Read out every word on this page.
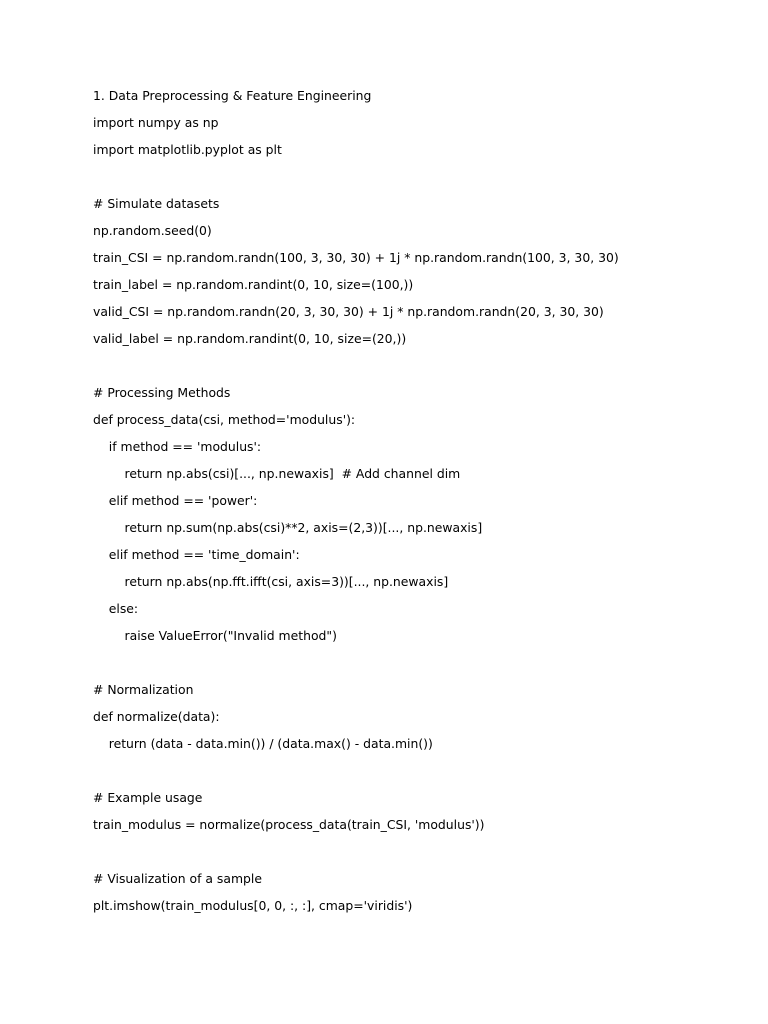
1. Data Preprocessing & Feature Engineering
import numpy as np
import matplotlib.pyplot as plt
# Simulate datasets
np.random.seed(0)
train_CSI = np.random.randn(100, 3, 30, 30) + 1j * np.random.randn(100, 3, 30, 30)
train_label = np.random.randint(0, 10, size=(100,))
valid_CSI = np.random.randn(20, 3, 30, 30) + 1j * np.random.randn(20, 3, 30, 30)
valid_label = np.random.randint(0, 10, size=(20,))
# Processing Methods
def process_data(csi, method='modulus'):
if method == 'modulus':
return np.abs(csi)[..., np.newaxis]  # Add channel dim
elif method == 'power':
return np.sum(np.abs(csi)**2, axis=(2,3))[..., np.newaxis]
elif method == 'time_domain':
return np.abs(np.fft.ifft(csi, axis=3))[..., np.newaxis]
else:
raise ValueError("Invalid method")
# Normalization
def normalize(data):
return (data - data.min()) / (data.max() - data.min())
# Example usage
train_modulus = normalize(process_data(train_CSI, 'modulus'))
# Visualization of a sample
plt.imshow(train_modulus[0, 0, :, :], cmap='viridis')
